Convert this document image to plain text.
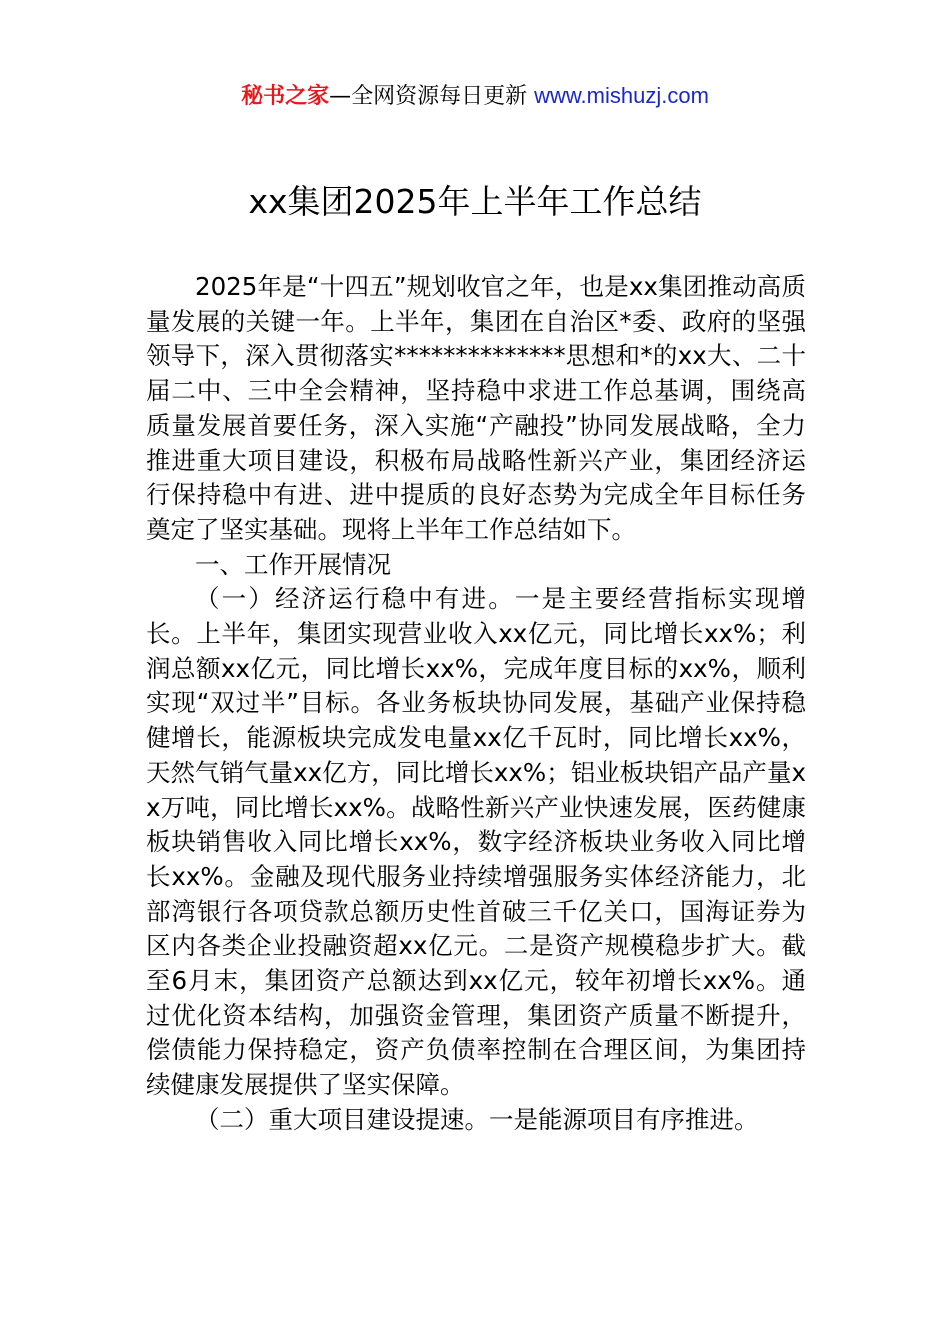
秘书之家—全网资源每日更新 www.mishuzj.com
xx集团2025年上半年工作总结

2025年是“十四五”规划收官之年，也是xx集团推动高质量发展的关键一年。上半年，集团在自治区*委、政府的坚强领导下，深入贯彻落实**************思想和*的xx大、二十届二中、三中全会精神，坚持稳中求进工作总基调，围绕高质量发展首要任务，深入实施“产融投”协同发展战略，全力推进重大项目建设，积极布局战略性新兴产业，集团经济运行保持稳中有进、进中提质的良好态势为完成全年目标任务奠定了坚实基础。现将上半年工作总结如下。

一、工作开展情况

（一）经济运行稳中有进。一是主要经营指标实现增长。上半年，集团实现营业收入xx亿元，同比增长xx%；利润总额xx亿元，同比增长xx%，完成年度目标的xx%，顺利实现“双过半”目标。各业务板块协同发展，基础产业保持稳健增长，能源板块完成发电量xx亿千瓦时，同比增长xx%，天然气销气量xx亿方，同比增长xx%；铝业板块铝产品产量xx万吨，同比增长xx%。战略性新兴产业快速发展，医药健康板块销售收入同比增长xx%，数字经济板块业务收入同比增长xx%。金融及现代服务业持续增强服务实体经济能力，北部湾银行各项贷款总额历史性首破三千亿关口，国海证券为区内各类企业投融资超xx亿元。二是资产规模稳步扩大。截至6月末，集团资产总额达到xx亿元，较年初增长xx%。通过优化资本结构，加强资金管理，集团资产质量不断提升，偿债能力保持稳定，资产负债率控制在合理区间，为集团持续健康发展提供了坚实保障。

（二）重大项目建设提速。一是能源项目有序推进。
